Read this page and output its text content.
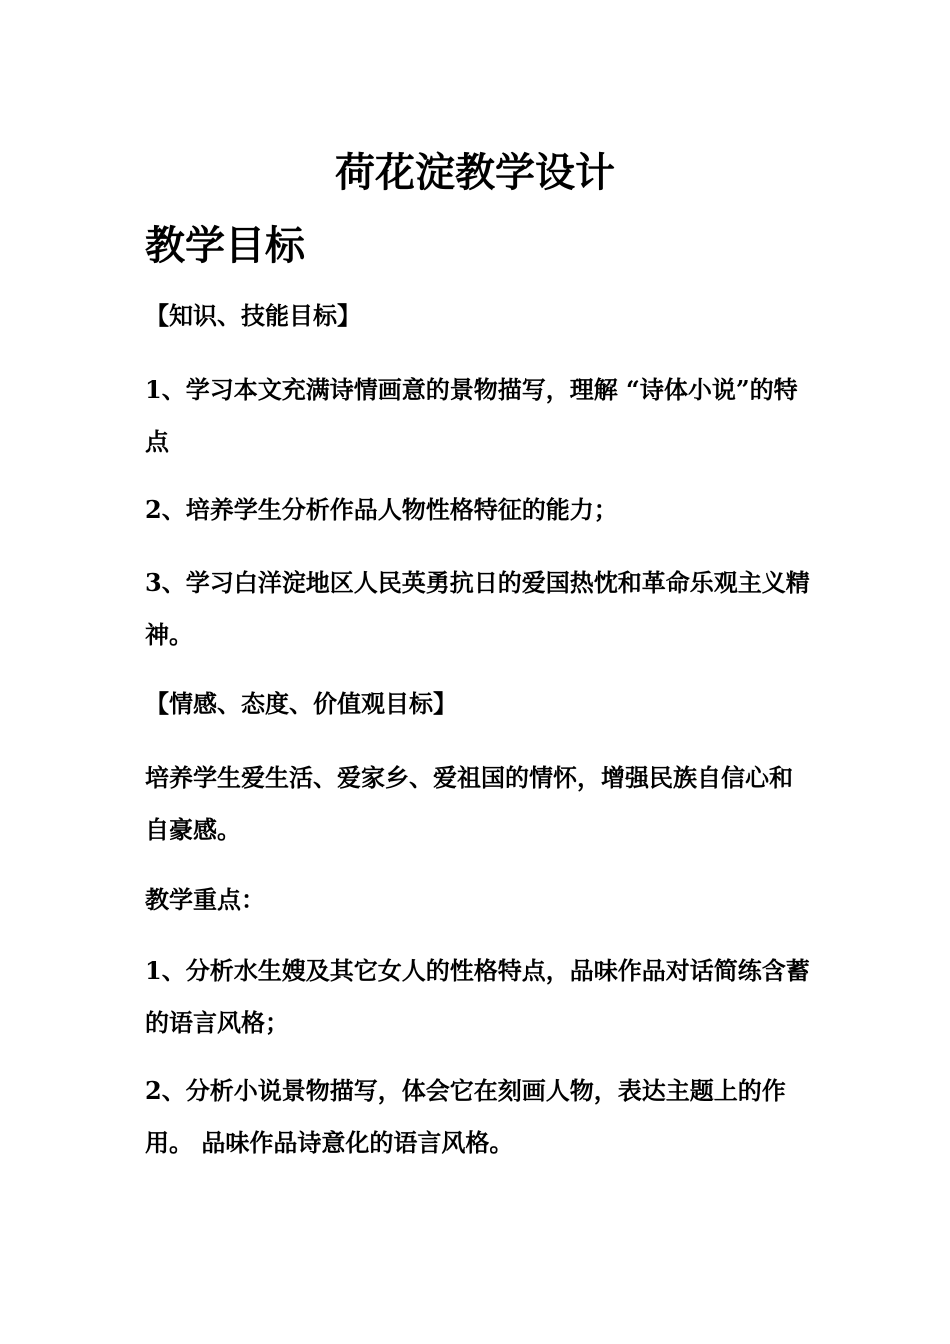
荷花淀教学设计
教学目标

【知识、技能目标】

1、学习本文充满诗情画意的景物描写，理解 “诗体小说”的特点

2、培养学生分析作品人物性格特征的能力；

3、学习白洋淀地区人民英勇抗日的爱国热忱和革命乐观主义精神。

【情感、态度、价值观目标】

培养学生爱生活、爱家乡、爱祖国的情怀，增强民族自信心和自豪感。

教学重点：

1、分析水生嫂及其它女人的性格特点，品味作品对话简练含蓄的语言风格；

2、分析小说景物描写，体会它在刻画人物，表达主题上的作用。 品味作品诗意化的语言风格。
